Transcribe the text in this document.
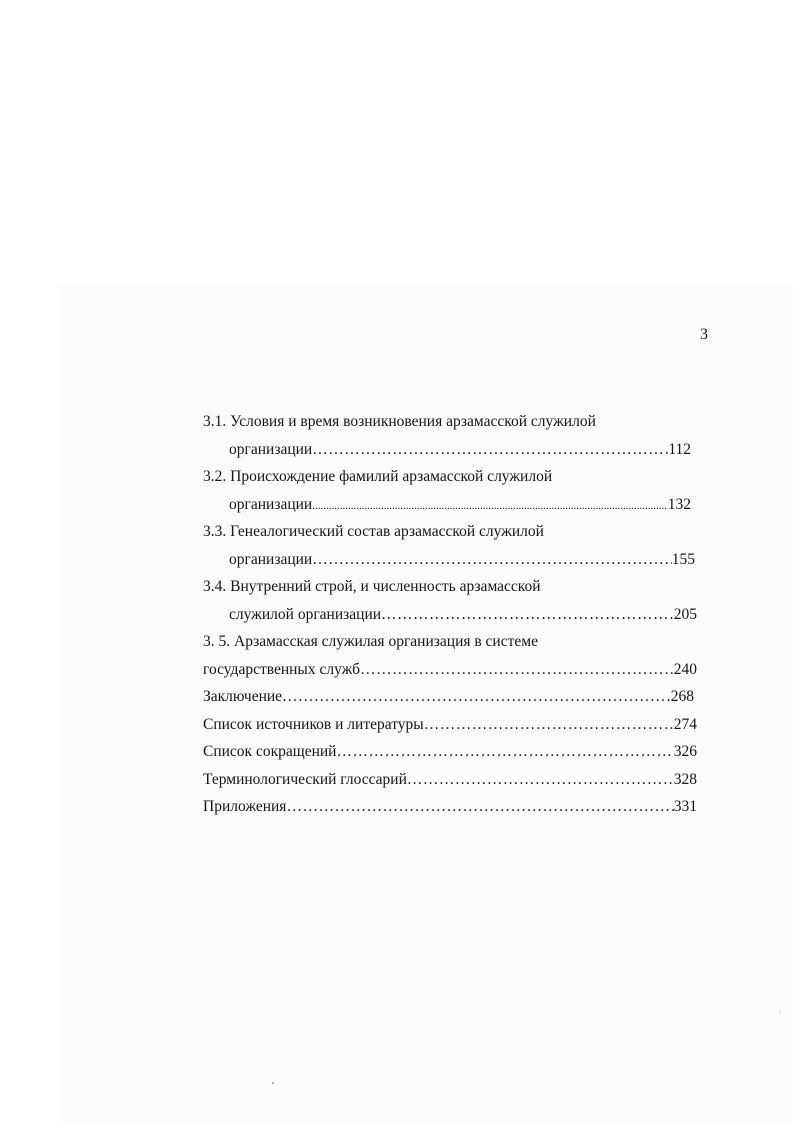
3
3.1. Условия и время возникновения арзамасской служилой
организации ……………………………………………………………………………………………………………………………………	112
3.2. Происхождение фамилий арзамасской служилой
организации .....	132
3.3. Генеалогический состав арзамасской служилой
организации ……………………………………………………………………………………………………………………………………	155
3.4. Внутренний строй, и численность арзамасской
служилой организации ……………………………………………………………………………………………………………………………………	205
3. 5. Арзамасская служилая организация в системе
государственных служб ……………………………………………………………………………………………………………………………………	240
Заключение ……………………………………………………………………………………………………………………………………	268
Список источников и литературы ……………………………………………………………………………………………………………………………………	274
Список сокращений ……………………………………………………………………………………………………………………………………	326
Терминологический глоссарий ……………………………………………………………………………………………………………………………………	328
Приложения ……………………………………………………………………………………………………………………………………	331
